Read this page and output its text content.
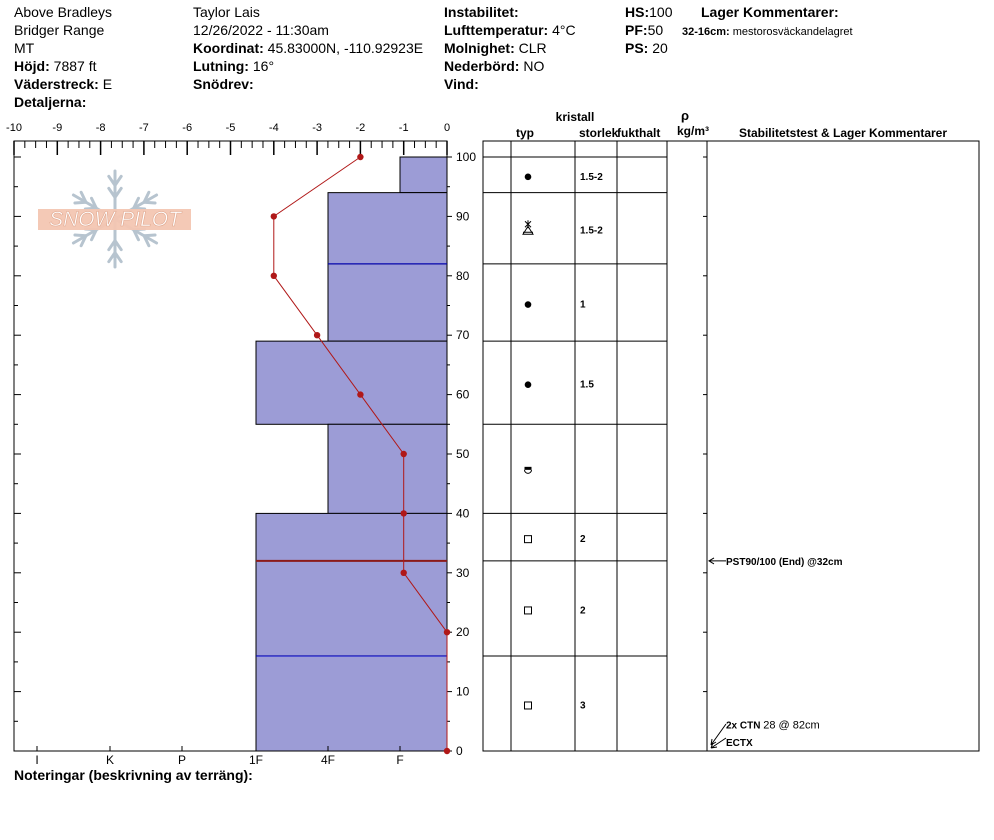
Above Bradleys
Bridger Range
MT
Höjd: 7887 ft
Väderstreck: E
Detaljerna:
Taylor Lais
12/26/2022 - 11:30am
Koordinat: 45.83000N, -110.92923E
Lutning: 16°
Snödrev:
Instabilitet:
Lufttemperatur: 4°C
Molnighet: CLR
Nederbörd: NO
Vind:
HS:100
PF:50
PS: 20
Lager Kommentarer:
32-16cm: mestorosväckandelagret
SNOW PILOT
-10	-9	-8	-7	-6	-5	-4	-3	-2	-1	0
0
10
20
30
40
50
60
70
80
90
100
I	K	P	1F	4F	F
1.5-2
1.5-2
1
1.5
2
2
3
PST90/100 (End) @32cm
2x CTN 28 @ 82cm
ECTX
kristall
typ	storlek
fukthalt
ρ
kg/m³ Stabilitetstest & Lager Kommentarer
Noteringar (beskrivning av terräng):
